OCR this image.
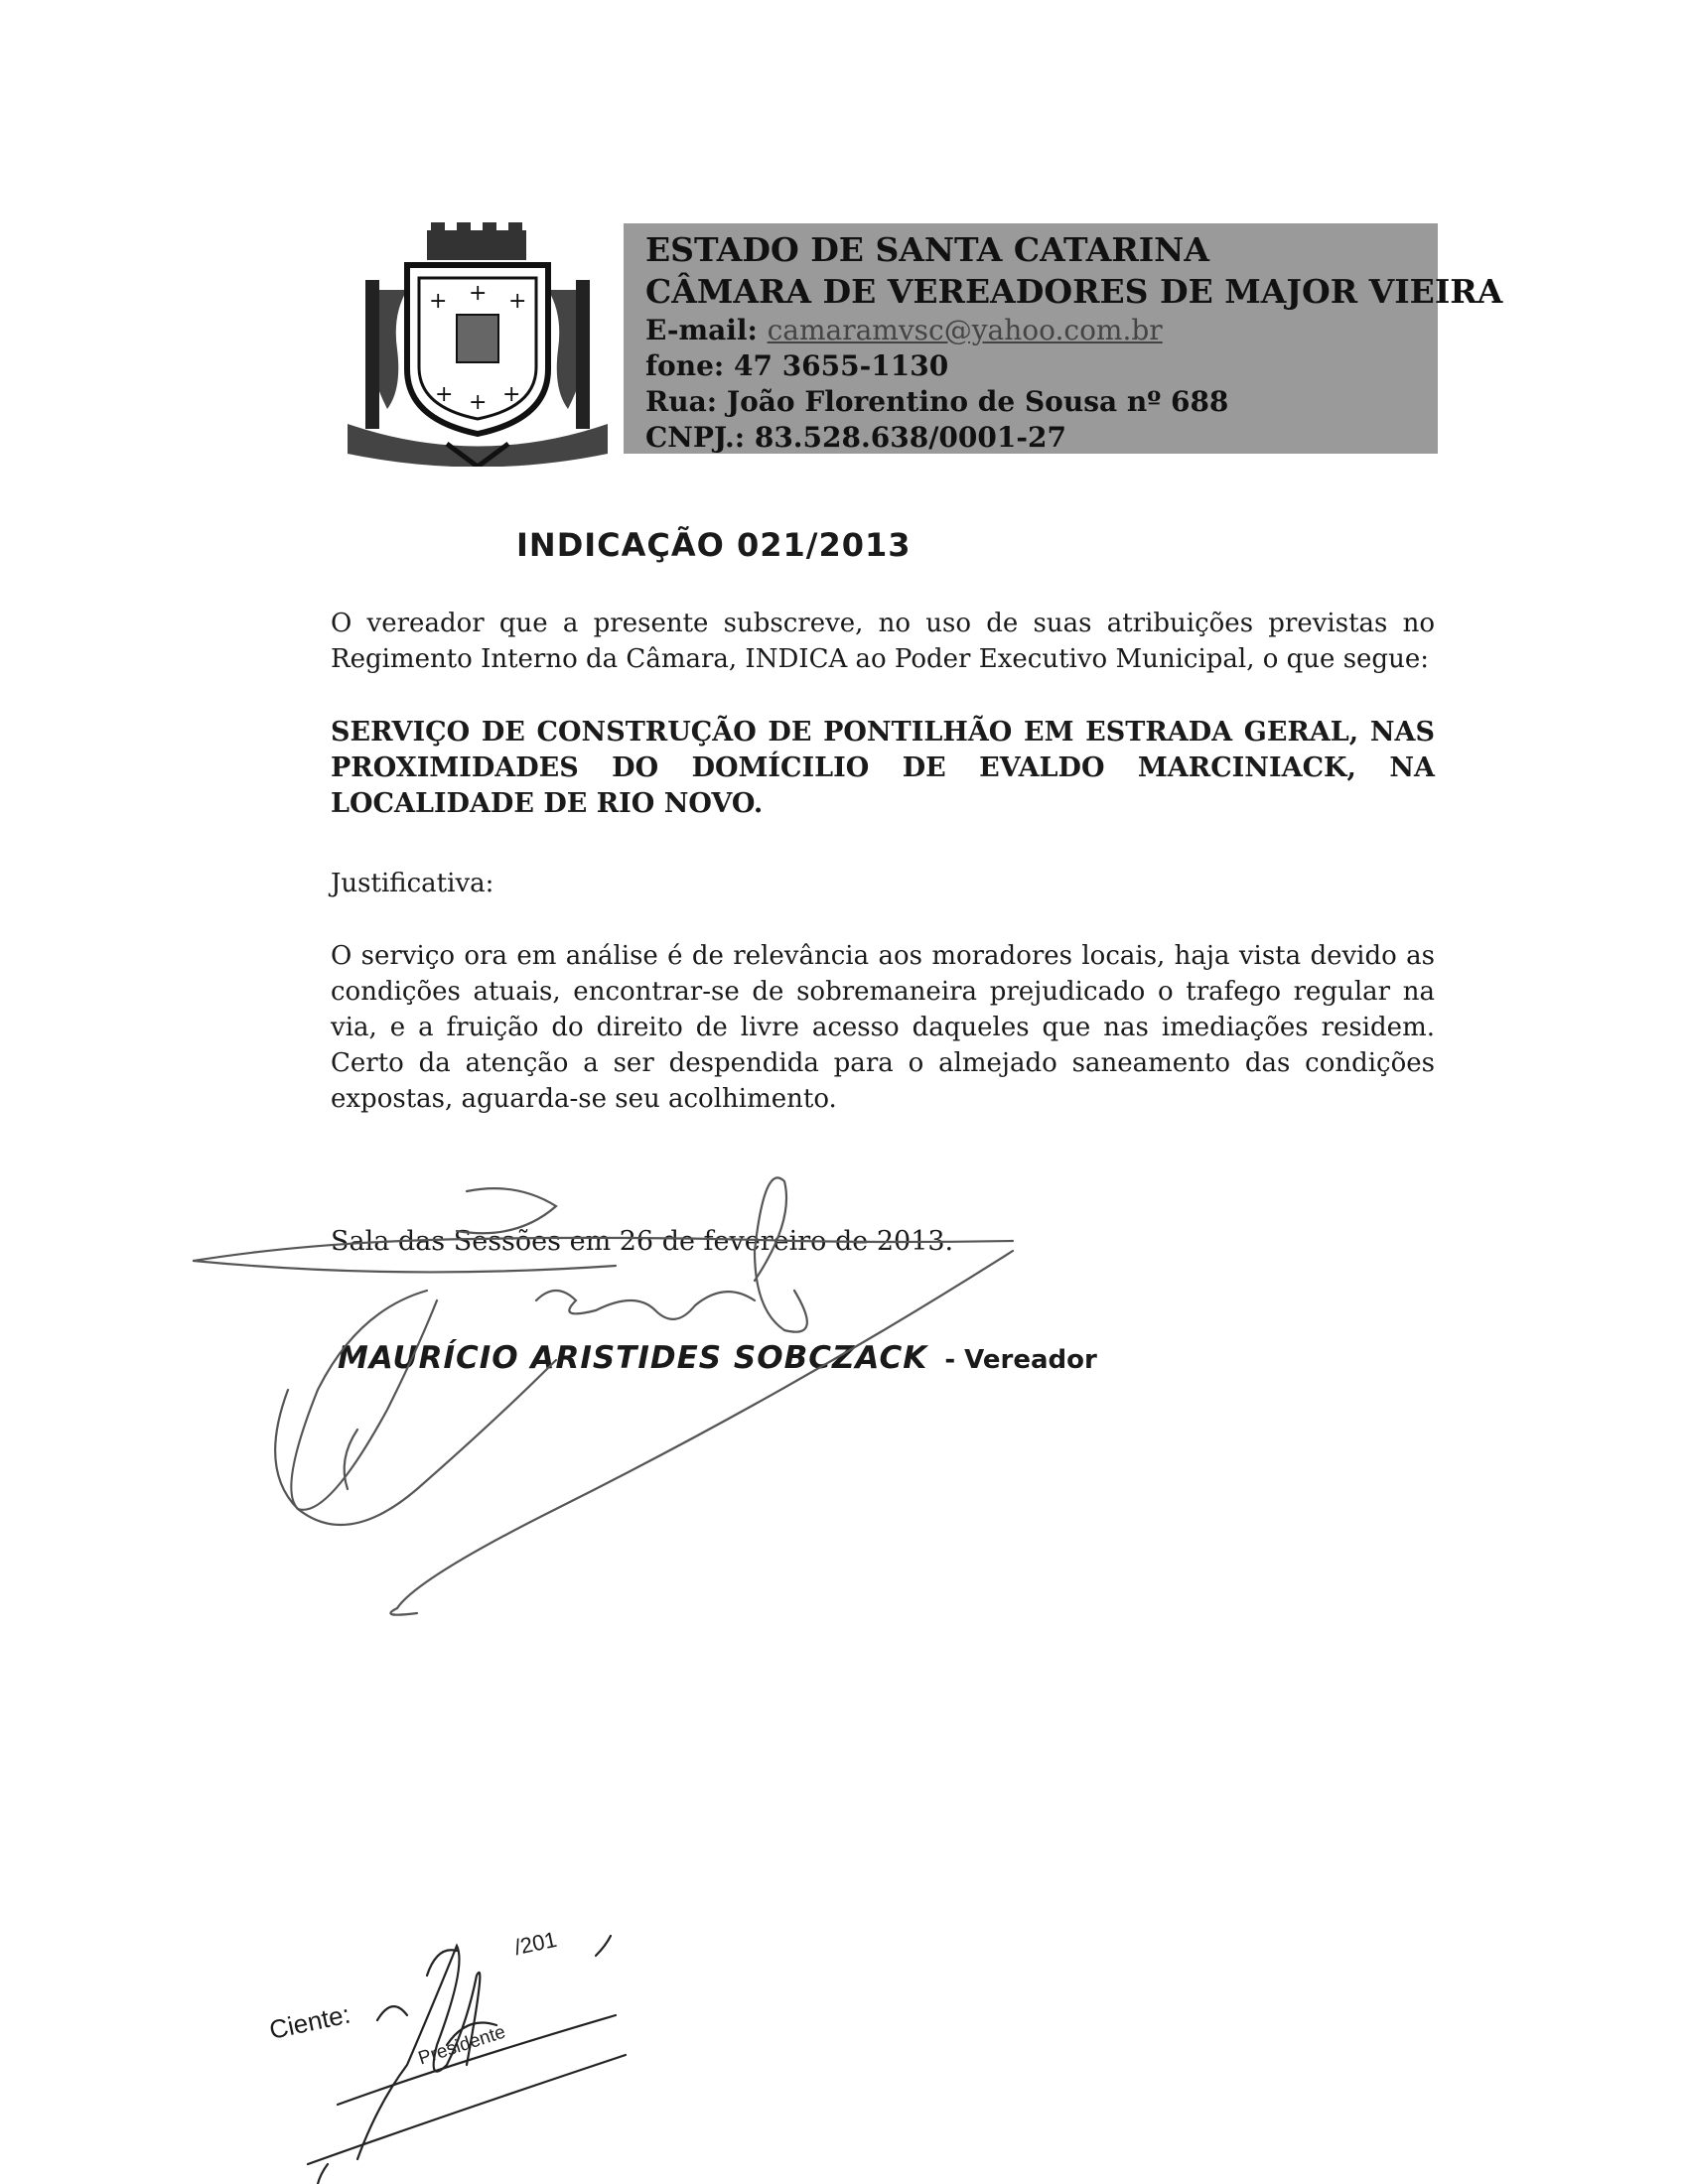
+ + +
+ + +
ESTADO DE SANTA CATARINA
CÂMARA DE VEREADORES DE MAJOR VIEIRA
E-mail: camaramvsc@yahoo.com.br
fone: 47 3655-1130
Rua: João Florentino de Sousa nº 688
CNPJ.: 83.528.638/0001-27
INDICAÇÃO 021/2013
O vereador que a presente subscreve, no uso de suas atribuições previstas no Regimento Interno da Câmara, INDICA ao Poder Executivo Municipal, o que segue:
SERVIÇO DE CONSTRUÇÃO DE PONTILHÃO EM ESTRADA GERAL, NAS PROXIMIDADES DO DOMÍCILIO DE EVALDO MARCINIACK, NA LOCALIDADE DE RIO NOVO.
Justificativa:
O serviço ora em análise é de relevância aos moradores locais, haja vista devido as condições atuais, encontrar-se de sobremaneira prejudicado o trafego regular na via, e a fruição do direito de livre acesso daqueles que nas imediações residem. Certo da atenção a ser despendida para o almejado saneamento das condições expostas, aguarda-se seu acolhimento.
Sala das Sessões em 26 de fevereiro de 2013.
MAURÍCIO ARISTIDES SOBCZACK - Vereador
Ciente:
/201
Presidente
